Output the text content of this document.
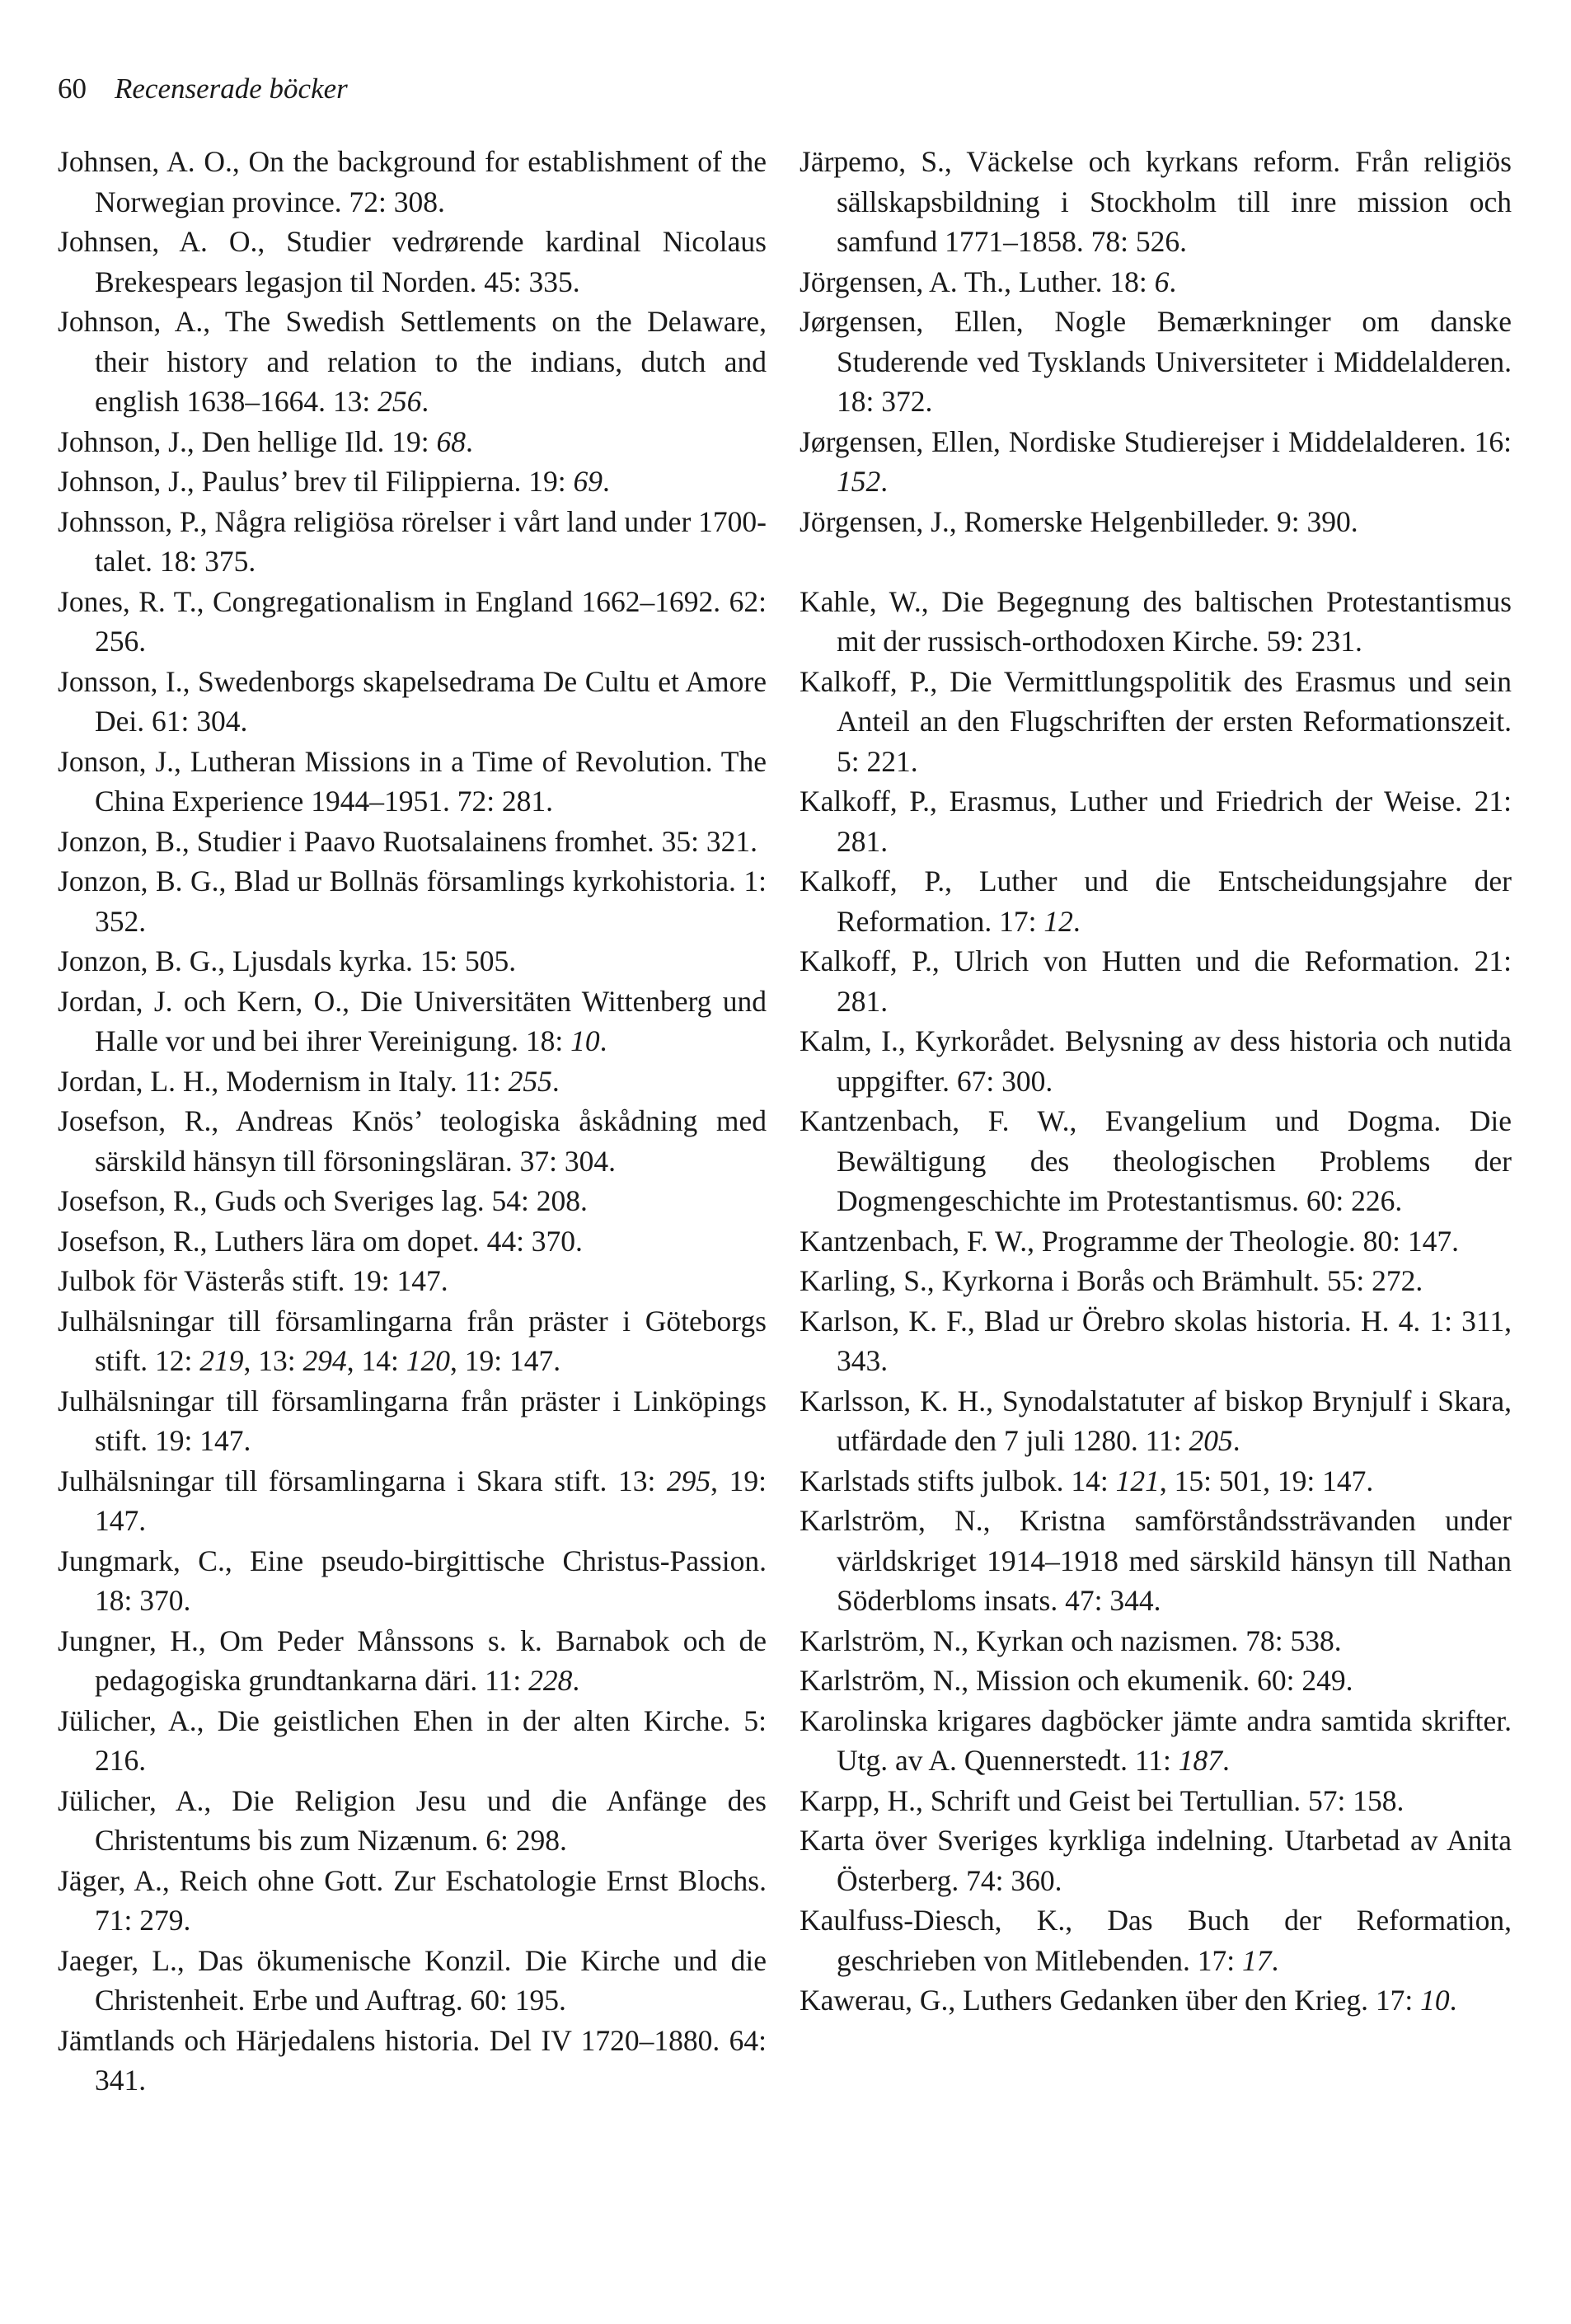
60 Recenserade böcker

Johnsen, A. O., On the background for establishment of the Norwegian province. 72: 308.

Johnsen, A. O., Studier vedrørende kardinal Nicolaus Brekespears legasjon til Norden. 45: 335.

Johnson, A., The Swedish Settlements on the Delaware, their history and relation to the indians, dutch and english 1638–1664. 13: 256.

Johnson, J., Den hellige Ild. 19: 68.

Johnson, J., Paulus’ brev til Filippierna. 19: 69.

Johnsson, P., Några religiösa rörelser i vårt land under 1700-talet. 18: 375.

Jones, R. T., Congregationalism in England 1662–1692. 62: 256.

Jonsson, I., Swedenborgs skapelsedrama De Cultu et Amore Dei. 61: 304.

Jonson, J., Lutheran Missions in a Time of Revolution. The China Experience 1944–1951. 72: 281.

Jonzon, B., Studier i Paavo Ruotsalainens fromhet. 35: 321.

Jonzon, B. G., Blad ur Bollnäs församlings kyrkohistoria. 1: 352.

Jonzon, B. G., Ljusdals kyrka. 15: 505.

Jordan, J. och Kern, O., Die Universitäten Wittenberg und Halle vor und bei ihrer Vereinigung. 18: 10.

Jordan, L. H., Modernism in Italy. 11: 255.

Josefson, R., Andreas Knös’ teologiska åskådning med särskild hänsyn till försoningsläran. 37: 304.

Josefson, R., Guds och Sveriges lag. 54: 208.

Josefson, R., Luthers lära om dopet. 44: 370.

Julbok för Västerås stift. 19: 147.

Julhälsningar till församlingarna från präster i Göteborgs stift. 12: 219, 13: 294, 14: 120, 19: 147.

Julhälsningar till församlingarna från präster i Linköpings stift. 19: 147.

Julhälsningar till församlingarna i Skara stift. 13: 295, 19: 147.

Jungmark, C., Eine pseudo-birgittische Christus-Passion. 18: 370.

Jungner, H., Om Peder Månssons s. k. Barnabok och de pedagogiska grundtankarna däri. 11: 228.

Jülicher, A., Die geistlichen Ehen in der alten Kirche. 5: 216.

Jülicher, A., Die Religion Jesu und die Anfänge des Christentums bis zum Nizænum. 6: 298.

Jäger, A., Reich ohne Gott. Zur Eschatologie Ernst Blochs. 71: 279.

Jaeger, L., Das ökumenische Konzil. Die Kirche und die Christenheit. Erbe und Auftrag. 60: 195.

Jämtlands och Härjedalens historia. Del IV 1720–1880. 64: 341.

Järpemo, S., Väckelse och kyrkans reform. Från religiös sällskapsbildning i Stockholm till inre mission och samfund 1771–1858. 78: 526.

Jörgensen, A. Th., Luther. 18: 6.

Jørgensen, Ellen, Nogle Bemærkninger om danske Studerende ved Tysklands Universiteter i Middelalderen. 18: 372.

Jørgensen, Ellen, Nordiske Studierejser i Middelalderen. 16: 152.

Jörgensen, J., Romerske Helgenbilleder. 9: 390.

Kahle, W., Die Begegnung des baltischen Protestantismus mit der russisch-orthodoxen Kirche. 59: 231.

Kalkoff, P., Die Vermittlungspolitik des Erasmus und sein Anteil an den Flugschriften der ersten Reformationszeit. 5: 221.

Kalkoff, P., Erasmus, Luther und Friedrich der Weise. 21: 281.

Kalkoff, P., Luther und die Entscheidungsjahre der Reformation. 17: 12.

Kalkoff, P., Ulrich von Hutten und die Reformation. 21: 281.

Kalm, I., Kyrkorådet. Belysning av dess historia och nutida uppgifter. 67: 300.

Kantzenbach, F. W., Evangelium und Dogma. Die Bewältigung des theologischen Problems der Dogmengeschichte im Protestantismus. 60: 226.

Kantzenbach, F. W., Programme der Theologie. 80: 147.

Karling, S., Kyrkorna i Borås och Brämhult. 55: 272.

Karlson, K. F., Blad ur Örebro skolas historia. H. 4. 1: 311, 343.

Karlsson, K. H., Synodalstatuter af biskop Brynjulf i Skara, utfärdade den 7 juli 1280. 11: 205.

Karlstads stifts julbok. 14: 121, 15: 501, 19: 147.

Karlström, N., Kristna samförståndssträvanden under världskriget 1914–1918 med särskild hänsyn till Nathan Söderbloms insats. 47: 344.

Karlström, N., Kyrkan och nazismen. 78: 538.

Karlström, N., Mission och ekumenik. 60: 249.

Karolinska krigares dagböcker jämte andra samtida skrifter. Utg. av A. Quennerstedt. 11: 187.

Karpp, H., Schrift und Geist bei Tertullian. 57: 158.

Karta över Sveriges kyrkliga indelning. Utarbetad av Anita Österberg. 74: 360.

Kaulfuss-Diesch, K., Das Buch der Reformation, geschrieben von Mitlebenden. 17: 17.

Kawerau, G., Luthers Gedanken über den Krieg. 17: 10.
